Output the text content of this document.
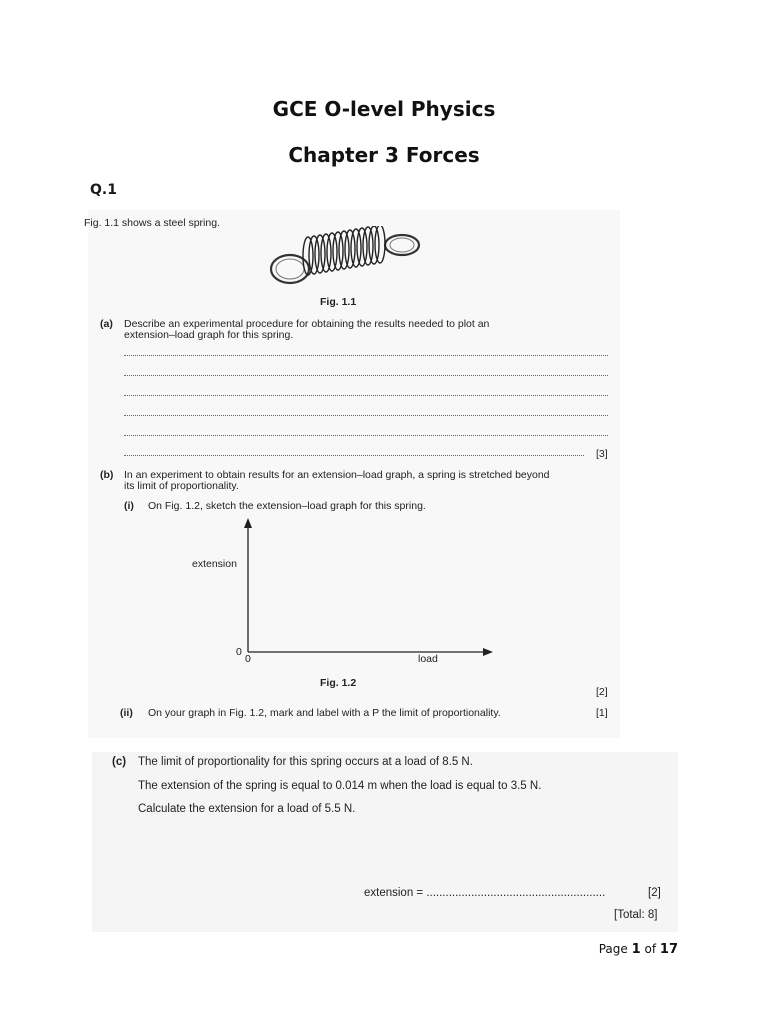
GCE O-level Physics
Chapter 3 Forces
Q.1
Fig. 1.1 shows a steel spring.
Fig. 1.1
(a) Describe an experimental procedure for obtaining the results needed to plot an
extension–load graph for this spring.
[3]
(b) In an experiment to obtain results for an extension–load graph, a spring is stretched beyond
its limit of proportionality.
(i) On Fig. 1.2, sketch the extension–load graph for this spring.
extension
0
0	load
Fig. 1.2
[2]
(ii) On your graph in Fig. 1.2, mark and label with a P the limit of proportionality.	[1]
(c) The limit of proportionality for this spring occurs at a load of 8.5 N.
The extension of the spring is equal to 0.014 m when the load is equal to 3.5 N.
Calculate the extension for a load of 5.5 N.
extension = ........................................................	[2]
[Total: 8]
Page 1 of 17
